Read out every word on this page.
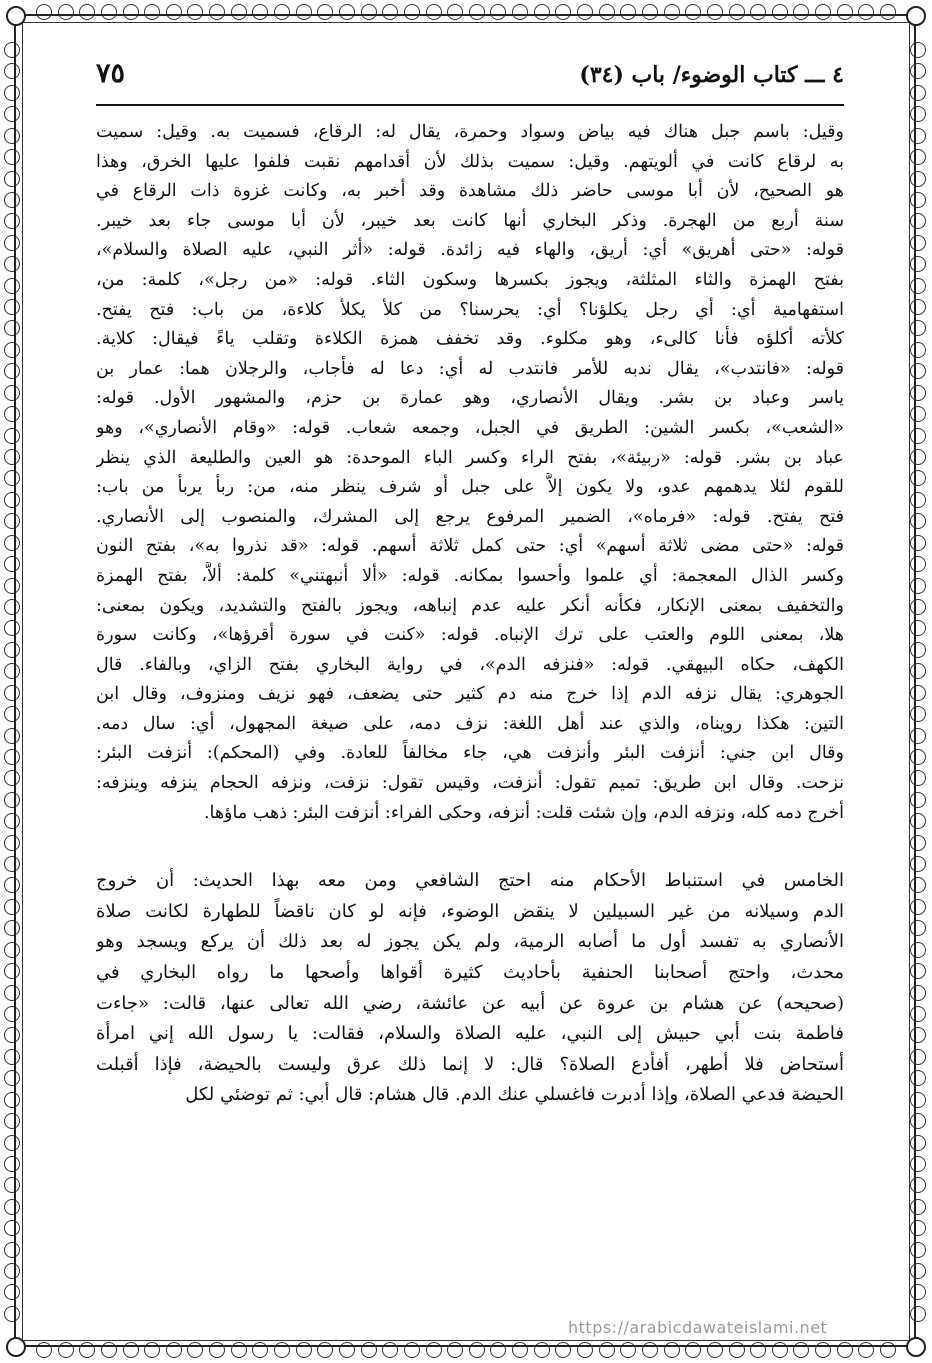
٤ ـــ كتاب الوضوء/ باب (٣٤)
٧٥
وقيل: باسم جبل هناك فيه بياض وسواد وحمرة، يقال له: الرقاع، فسميت به. وقيل: سميت
به لرقاع كانت في ألويتهم. وقيل: سميت بذلك لأن أقدامهم نقبت فلفوا عليها الخرق، وهذا
هو الصحيح، لأن أبا موسى حاضر ذلك مشاهدة وقد أخبر به، وكانت غزوة ذات الرقاع في
سنة أربع من الهجرة. وذكر البخاري أنها كانت بعد خيبر، لأن أبا موسى جاء بعد خيبر.
قوله: «حتى أهريق» أي: أريق، والهاء فيه زائدة. قوله: «أثر النبي، عليه الصلاة والسلام»،
بفتح الهمزة والثاء المثلثة، ويجوز بكسرها وسكون الثاء. قوله: «من رجل»، كلمة: من،
استفهامية أي: أي رجل يكلؤنا؟ أي: يحرسنا؟ من كلأ يكلأ كلاءة، من باب: فتح يفتح.
كلأته أكلؤه فأنا كالىء، وهو مكلوء. وقد تخفف همزة الكلاءة وتقلب ياءً فيقال: كلاية.
قوله: «فانتدب»، يقال ندبه للأمر فانتدب له أي: دعا له فأجاب، والرجلان هما: عمار بن
ياسر وعباد بن بشر. ويقال الأنصاري، وهو عمارة بن حزم، والمشهور الأول. قوله:
«الشعب»، بكسر الشين: الطريق في الجبل، وجمعه شعاب. قوله: «وقام الأنصاري»، وهو
عباد بن بشر. قوله: «ربيئة»، بفتح الراء وكسر الباء الموحدة: هو العين والطليعة الذي ينظر
للقوم لئلا يدهمهم عدو، ولا يكون إلاَّ على جبل أو شرف ينظر منه، من: ربأ يربأ من باب:
فتح يفتح. قوله: «فرماه»، الضمير المرفوع يرجع إلى المشرك، والمنصوب إلى الأنصاري.
قوله: «حتى مضى ثلاثة أسهم» أي: حتى كمل ثلاثة أسهم. قوله: «قد نذروا به»، بفتح النون
وكسر الذال المعجمة: أي علموا وأحسوا بمكانه. قوله: «ألا أنبهتني» كلمة: ألاَّ، بفتح الهمزة
والتخفيف بمعنى الإنكار، فكأنه أنكر عليه عدم إنباهه، ويجوز بالفتح والتشديد، ويكون بمعنى:
هلا، بمعنى اللوم والعتب على ترك الإنباه. قوله: «كنت في سورة أقرؤها»، وكانت سورة
الكهف، حكاه البيهقي. قوله: «فنزفه الدم»، في رواية البخاري بفتح الزاي، وبالفاء. قال
الجوهري: يقال نزفه الدم إذا خرج منه دم كثير حتى يضعف، فهو نزيف ومنزوف، وقال ابن
التين: هكذا رويناه، والذي عند أهل اللغة: نزف دمه، على صيغة المجهول، أي: سال دمه.
وقال ابن جني: أنزفت البئر وأنزفت هي، جاء مخالفاً للعادة. وفي (المحكم): أنزفت البئر:
نزحت. وقال ابن طريق: تميم تقول: أنزفت، وقيس تقول: نزفت، ونزفه الحجام ينزفه وينزفه:
أخرج دمه كله، ونزفه الدم، وإن شئت قلت: أنزفه، وحكى الفراء: أنزفت البئر: ذهب ماؤها.
الخامس في استنباط الأحكام منه احتج الشافعي ومن معه بهذا الحديث: أن خروج
الدم وسيلانه من غير السبيلين لا ينقض الوضوء، فإنه لو كان ناقضاً للطهارة لكانت صلاة
الأنصاري به تفسد أول ما أصابه الرمية، ولم يكن يجوز له بعد ذلك أن يركع ويسجد وهو
محدث، واحتج أصحابنا الحنفية بأحاديث كثيرة أقواها وأصحها ما رواه البخاري في
(صحيحه) عن هشام بن عروة عن أبيه عن عائشة، رضي الله تعالى عنها، قالت: «جاءت
فاطمة بنت أبي حبيش إلى النبي، عليه الصلاة والسلام، فقالت: يا رسول الله إني امرأة
أستحاض فلا أطهر، أفأدع الصلاة؟ قال: لا إنما ذلك عرق وليست بالحيضة، فإذا أقبلت
الحيضة فدعي الصلاة، وإذا أدبرت فاغسلي عنك الدم. قال هشام: قال أبي: ثم توضئي لكل
https://arabicdawateislami.net
